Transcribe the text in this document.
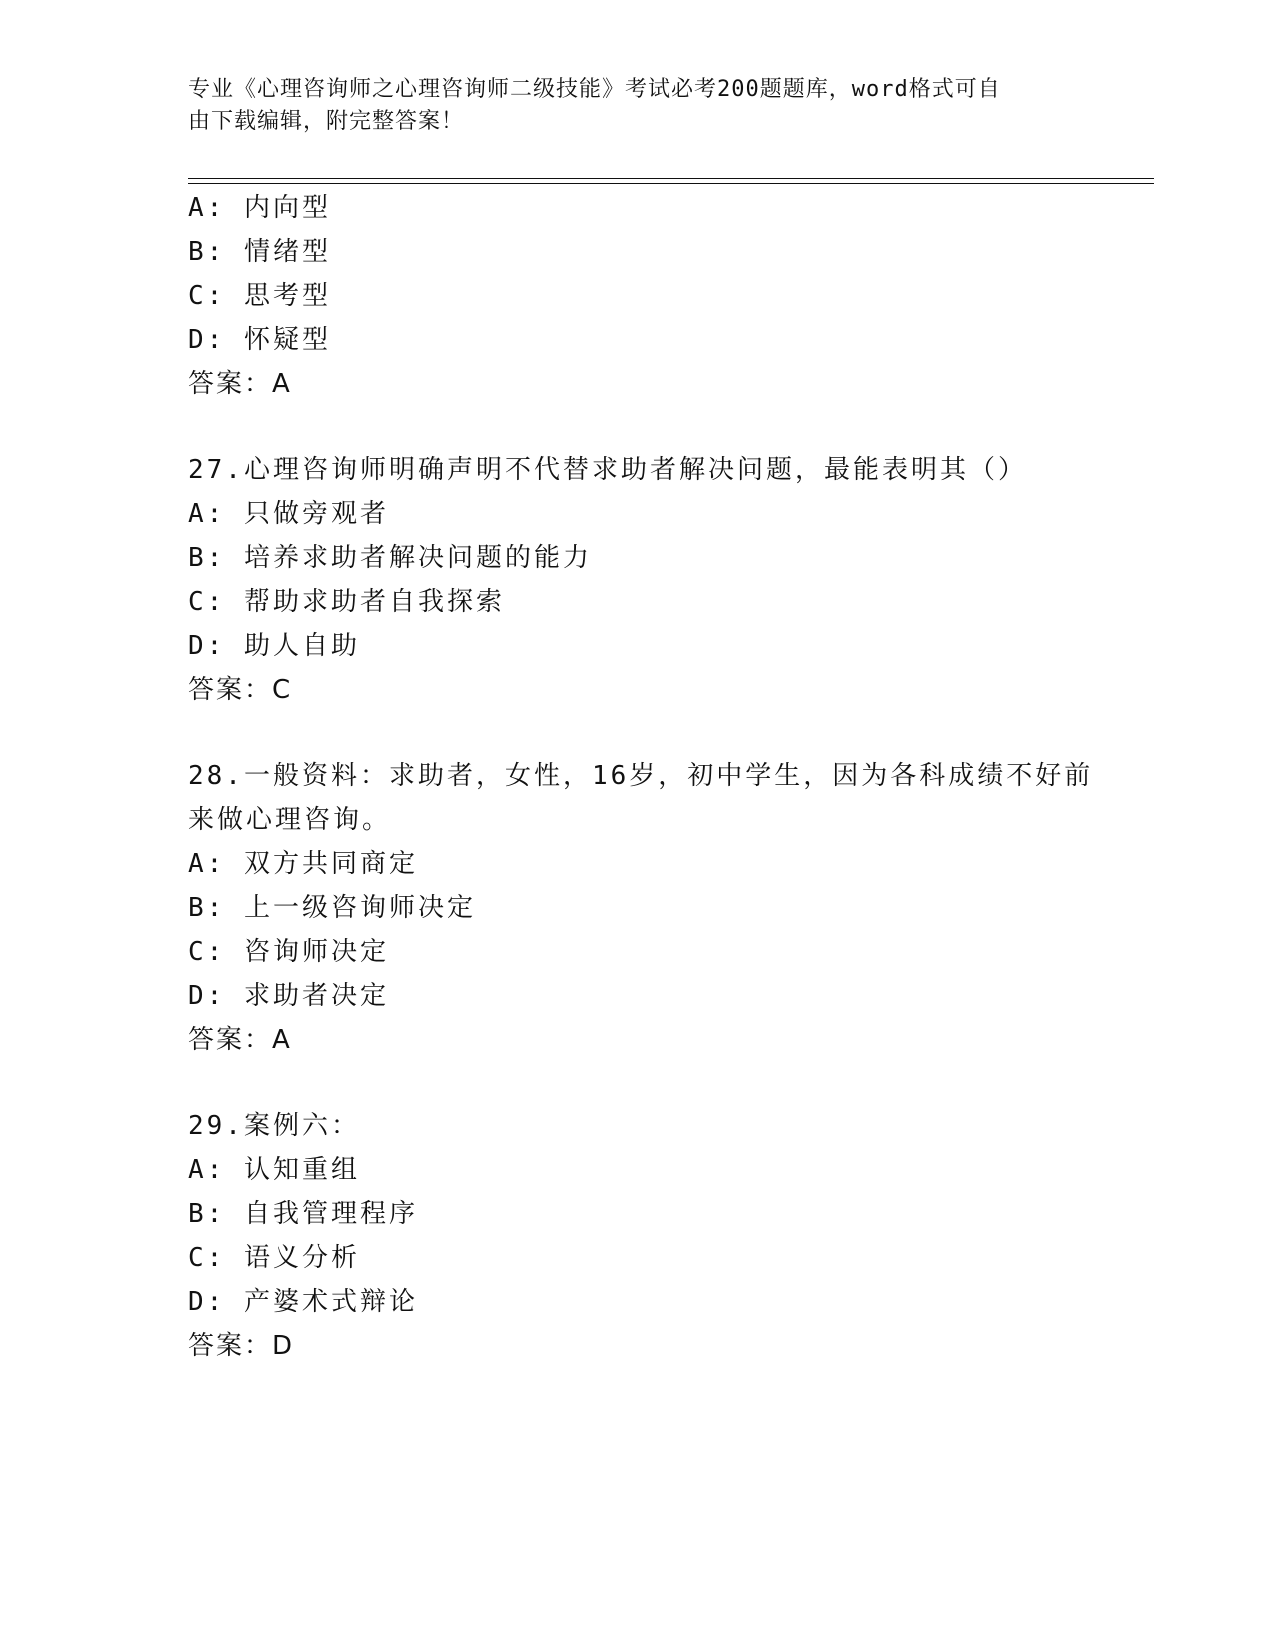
专业《心理咨询师之心理咨询师二级技能》考试必考200题题库，word格式可自
由下载编辑，附完整答案！
A: 内向型
B: 情绪型
C: 思考型
D: 怀疑型
答案：A
27.心理咨询师明确声明不代替求助者解决问题，最能表明其（）
A: 只做旁观者
B: 培养求助者解决问题的能力
C: 帮助求助者自我探索
D: 助人自助
答案：C
28.一般资料：求助者，女性，16岁，初中学生，因为各科成绩不好前
来做心理咨询。
A: 双方共同商定
B: 上一级咨询师决定
C: 咨询师决定
D: 求助者决定
答案：A
29.案例六：
A: 认知重组
B: 自我管理程序
C: 语义分析
D: 产婆术式辩论
答案：D
